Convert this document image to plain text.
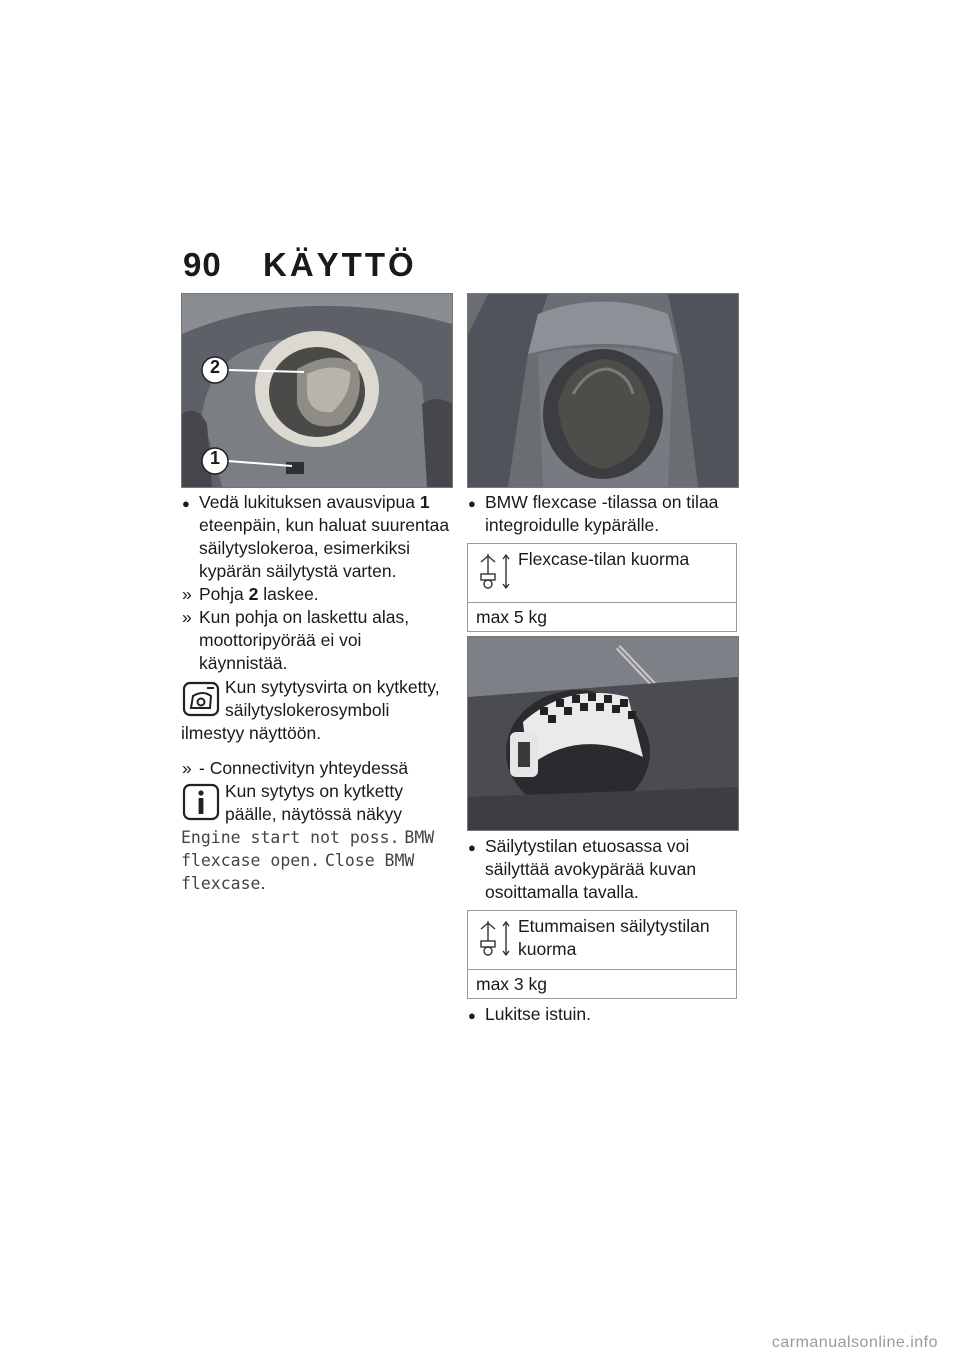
90 KÄYTTÖ
2
1

● Vedä lukituksen avausvipua 1 eteenpäin, kun haluat suurentaa säilytyslokeroa, esimerkiksi kypärän säilytystä varten.

» Pohja 2 laskee.

» Kun pohja on laskettu alas, moottoripyörää ei voi käynnistää.

Kun sytytysvirta on kytketty, säilytyslokerosymboli ilmestyy näyttöön.

» - Connectivityn yhteydessä

Kun sytytys on kytketty päälle, näytössä näkyy Engine start not poss. BMW flexcase open. Close BMW flexcase.

● BMW flexcase -tilassa on tilaa integroidulle kypärälle.

Flexcase-tilan kuorma
max 5 kg

● Säilytystilan etuosassa voi säilyttää avokypärää kuvan osoittamalla tavalla.

Etummaisen säilytystilan kuorma
max 3 kg

● Lukitse istuin.

carmanualsonline.info
